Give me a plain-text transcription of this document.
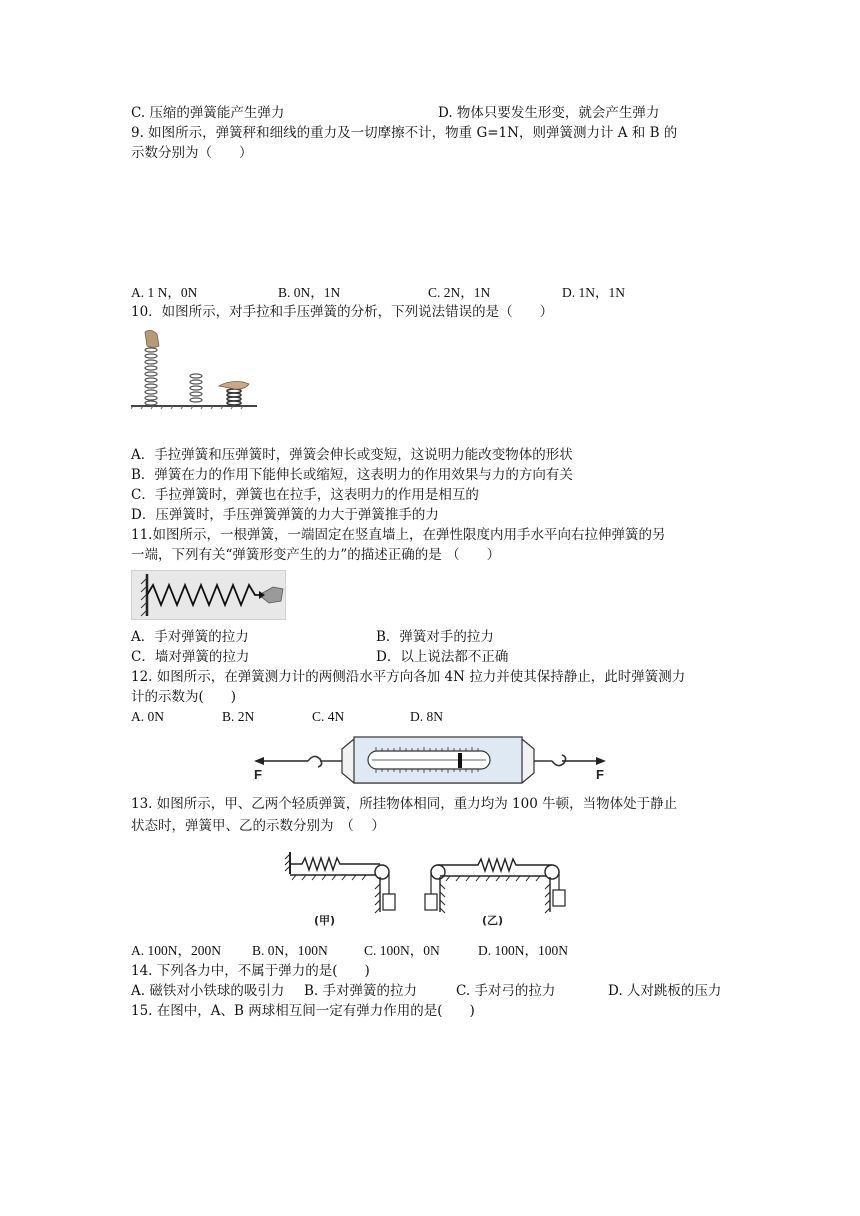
C. 压缩的弹簧能产生弹力	D. 物体只要发生形变，就会产生弹力
9. 如图所示，弹簧秤和细线的重力及一切摩擦不计，物重 G=1N，则弹簧测力计 A 和 B 的
示数分别为（　　）
A. 1 N，0N	B. 0N，1N	C. 2N，1N	D. 1N，1N
10．如图所示，对手拉和手压弹簧的分析，下列说法错误的是（　　）
A．手拉弹簧和压弹簧时，弹簧会伸长或变短，这说明力能改变物体的形状
B．弹簧在力的作用下能伸长或缩短，这表明力的作用效果与力的方向有关
C．手拉弹簧时，弹簧也在拉手，这表明力的作用是相互的
D．压弹簧时，手压弹簧弹簧的力大于弹簧推手的力
11.如图所示，一根弹簧，一端固定在竖直墙上，在弹性限度内用手水平向右拉伸弹簧的另
一端，下列有关“弹簧形变产生的力”的描述正确的是 （　　）
A．手对弹簧的拉力	B．弹簧对手的拉力
C．墙对弹簧的拉力	D．以上说法都不正确
12. 如图所示，在弹簧测力计的两侧沿水平方向各加 4N 拉力并使其保持静止，此时弹簧测力
计的示数为(　　)
A. 0N	B. 2N	C. 4N	D. 8N
F	F
13. 如图所示，甲、乙两个轻质弹簧，所挂物体相同，重力均为 100 牛顿，当物体处于静止
状态时，弹簧甲、乙的示数分别为　（　 ）
(甲)	(乙)
A. 100N，200N B. 0N，100N	C. 100N，0N	D. 100N，100N
14. 下列各力中，不属于弹力的是(　　)
A. 磁铁对小铁球的吸引力 B. 手对弹簧的拉力	C. 手对弓的拉力	D. 人对跳板的压力
15. 在图中，A、B 两球相互间一定有弹力作用的是(　　)
